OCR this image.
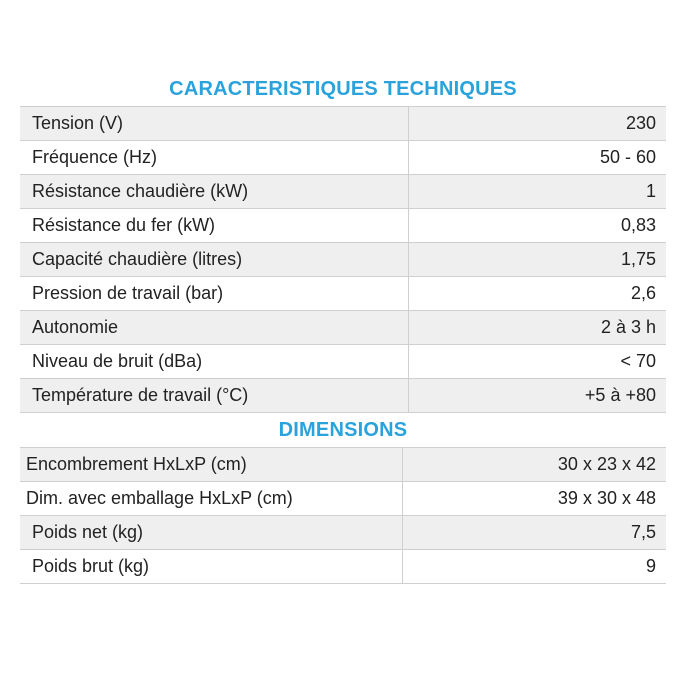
CARACTERISTIQUES TECHNIQUES
Tension (V)	230
Fréquence (Hz)	50 - 60
Résistance chaudière (kW)	1
Résistance du fer (kW)	0,83
Capacité chaudière (litres)	1,75
Pression de travail (bar)	2,6
Autonomie	2 à 3 h
Niveau de bruit (dBa)	< 70
Température de travail (°C)	+5 à +80
DIMENSIONS
Encombrement HxLxP (cm)	30 x 23 x 42
Dim. avec emballage HxLxP (cm)	39 x 30 x 48
Poids net (kg)	7,5
Poids brut (kg)	9
